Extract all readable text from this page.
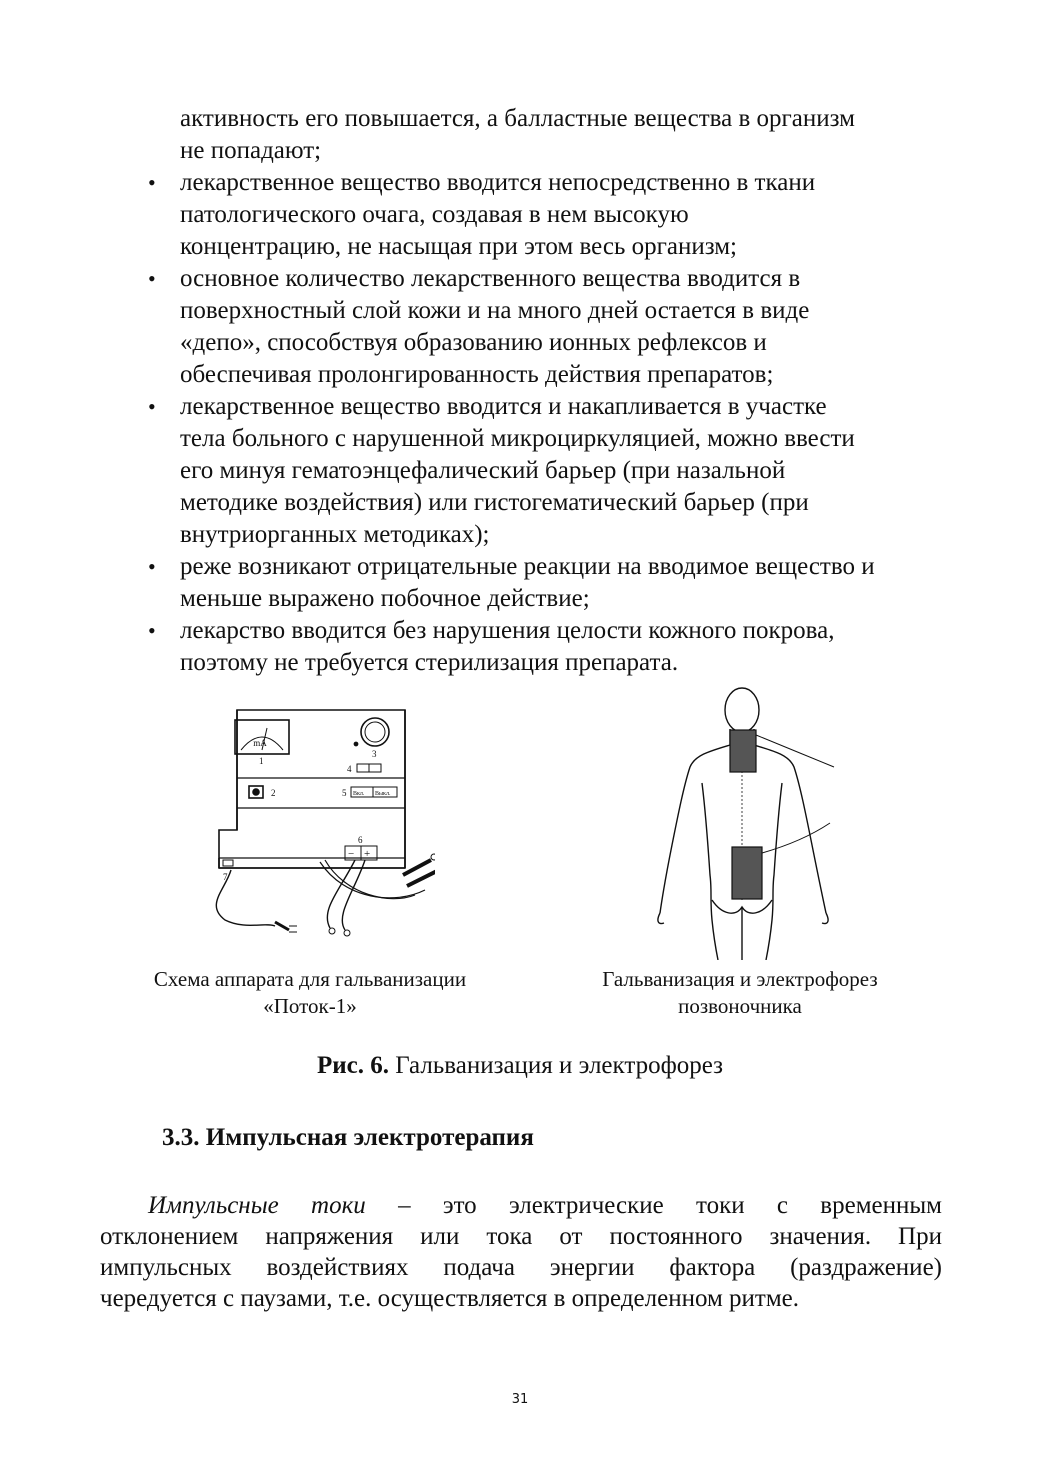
активность его повышается, а балластные вещества в организм

не попадают;

• лекарственное вещество вводится непосредственно в ткани
патологического очага, создавая в нем высокую
концентрацию, не насыщая при этом весь организм;
• основное количество лекарственного вещества вводится в
поверхностный слой кожи и на много дней остается в виде
«депо», способствуя образованию ионных рефлексов и
обеспечивая пролонгированность действия препаратов;
• лекарственное вещество вводится и накапливается в участке
тела больного с нарушенной микроциркуляцией, можно ввести
его минуя гематоэнцефалический барьер (при назальной
методике воздействия) или гистогематический барьер (при
внутриорганных методиках);
• реже возникают отрицательные реакции на вводимое вещество и
меньше выражено побочное действие;
• лекарство вводится без нарушения целости кожного покрова,
поэтому не требуется стерилизация препарата.
mA
1
2
3
4
5
6
7
Вкл. Выкл.
− +
Схема аппарата для гальванизации
«Поток-1»
Гальванизация и электрофорез
позвоночника
Рис. 6. Гальванизация и электрофорез
3.3. Импульсная электротерапия
Импульсные токи – это электрические токи с временным
отклонением напряжения или тока от постоянного значения. При
импульсных воздействиях подача энергии фактора (раздражение)
чередуется с паузами, т.е. осуществляется в определенном ритме.
31
